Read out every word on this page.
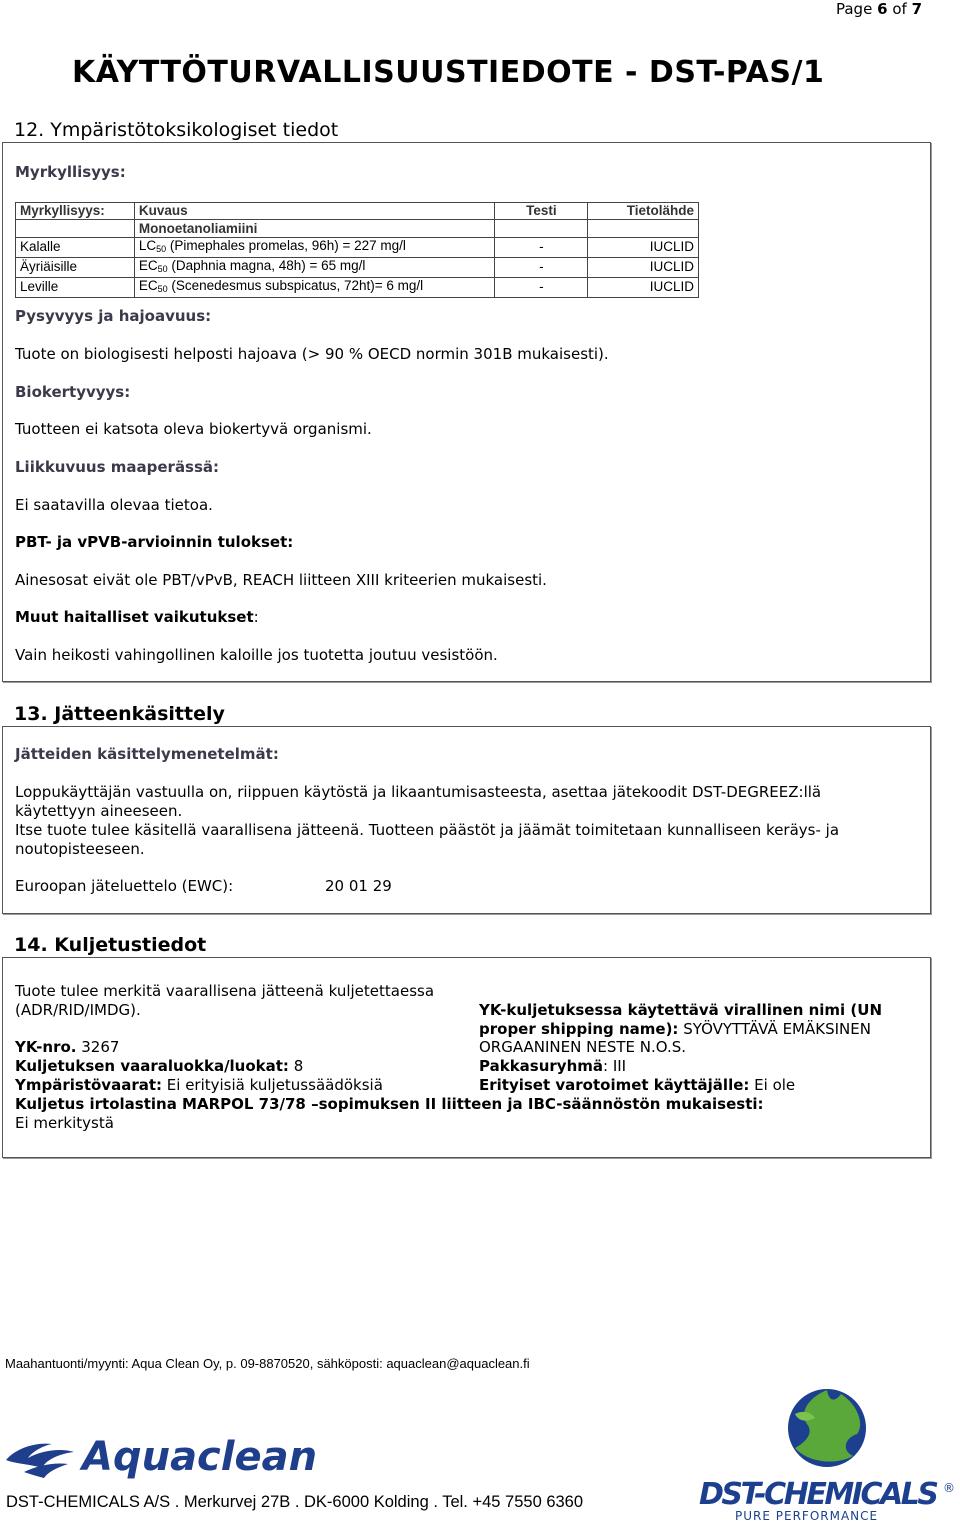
Page 6 of 7
KÄYTTÖTURVALLISUUSTIEDOTE - DST-PAS/1
12. Ympäristötoksikologiset tiedot
Myrkyllisyys:
Myrkyllisyys:	Kuvaus	Testi	Tietolähde
	Monoetanoliamiini		
Kalalle	$LC_{50}$ (Pimephales promelas, 96h) = 227 mg/l	-	IUCLID
Äyriäisille	$EC_{50}$ (Daphnia magna, 48h) = 65 mg/l	-	IUCLID
Leville	$EC_{50}$ (Scenedesmus subspicatus, 72ht)= 6 mg/l	-	IUCLID
Pysyvyys ja hajoavuus:
Tuote on biologisesti helposti hajoava (> 90 % OECD normin 301B mukaisesti).
Biokertyvyys:
Tuotteen ei katsota oleva biokertyvä organismi.
Liikkuvuus maaperässä:
Ei saatavilla olevaa tietoa.
PBT- ja vPVB-arvioinnin tulokset:
Ainesosat eivät ole PBT/vPvB, REACH liitteen XIII kriteerien mukaisesti.
Muut haitalliset vaikutukset:
Vain heikosti vahingollinen kaloille jos tuotetta joutuu vesistöön.
13. Jätteenkäsittely
Jätteiden käsittelymenetelmät:
Loppukäyttäjän vastuulla on, riippuen käytöstä ja likaantumisasteesta, asettaa jätekoodit DST-DEGREEZ:llä
käytettyyn aineeseen.
Itse tuote tulee käsitellä vaarallisena jätteenä. Tuotteen päästöt ja jäämät toimitetaan kunnalliseen keräys- ja
noutopisteeseen.
Euroopan jäteluettelo (EWC):	20 01 29
14. Kuljetustiedot
Tuote tulee merkitä vaarallisena jätteenä kuljetettaessa
(ADR/RID/IMDG).
YK-nro. 3267
Kuljetuksen vaaraluokka/luokat: 8
Ympäristövaarat: Ei erityisiä kuljetussäädöksiä
YK-kuljetuksessa käytettävä virallinen nimi (UN
proper shipping name): SYÖVYTTÄVÄ EMÄKSINEN
ORGAANINEN NESTE N.O.S.
Pakkasuryhmä: III
Erityiset varotoimet käyttäjälle: Ei ole
Kuljetus irtolastina MARPOL 73/78 –sopimuksen II liitteen ja IBC-säännöstön mukaisesti:
Ei merkitystä
Maahantuonti/myynti: Aqua Clean Oy, p. 09-8870520, sähköposti: aquaclean@aquaclean.fi
Aquaclean
DST-CHEMICALS ®
PURE PERFORMANCE
DST-CHEMICALS A/S . Merkurvej 27B . DK-6000 Kolding . Tel. +45 7550 6360
